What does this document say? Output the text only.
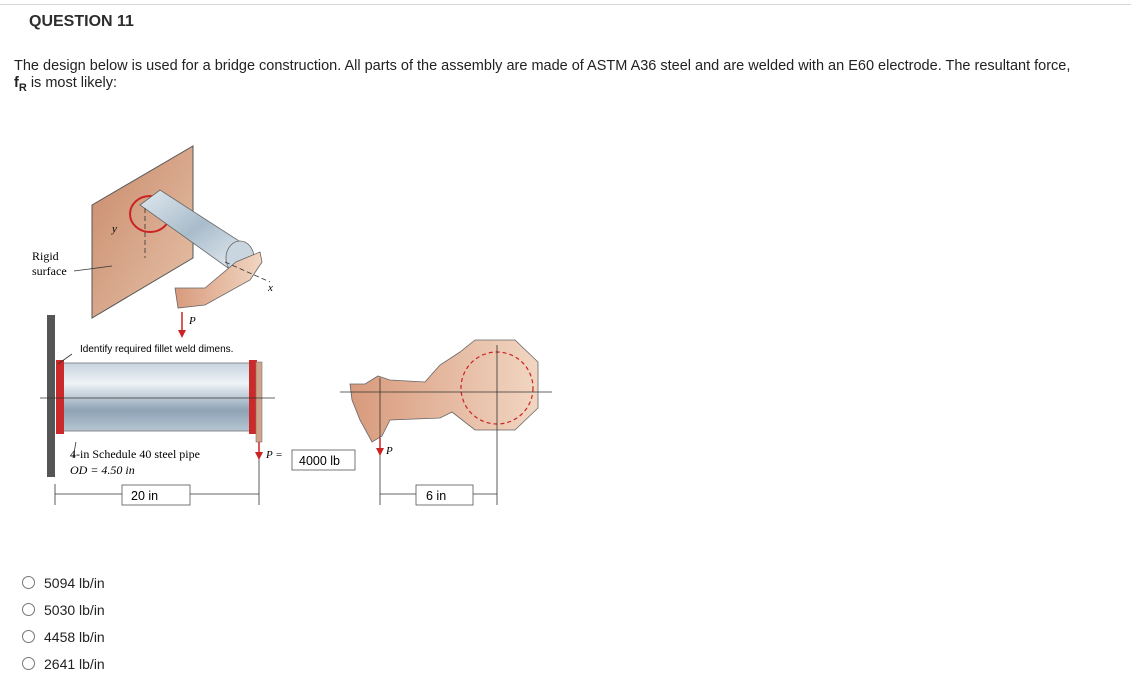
QUESTION 11
The design below is used for a bridge construction. All parts of the assembly are made of ASTM A36 steel and are welded with an E60 electrode. The resultant force,
$f_R$ is most likely:
y
x
P
Rigid
surface
Identify required fillet weld dimens.
4-in Schedule 40 steel pipe
OD = 4.50 in
20 in
P = 4000 lb
P
6 in
5094 lb/in
5030 lb/in
4458 lb/in
2641 lb/in
